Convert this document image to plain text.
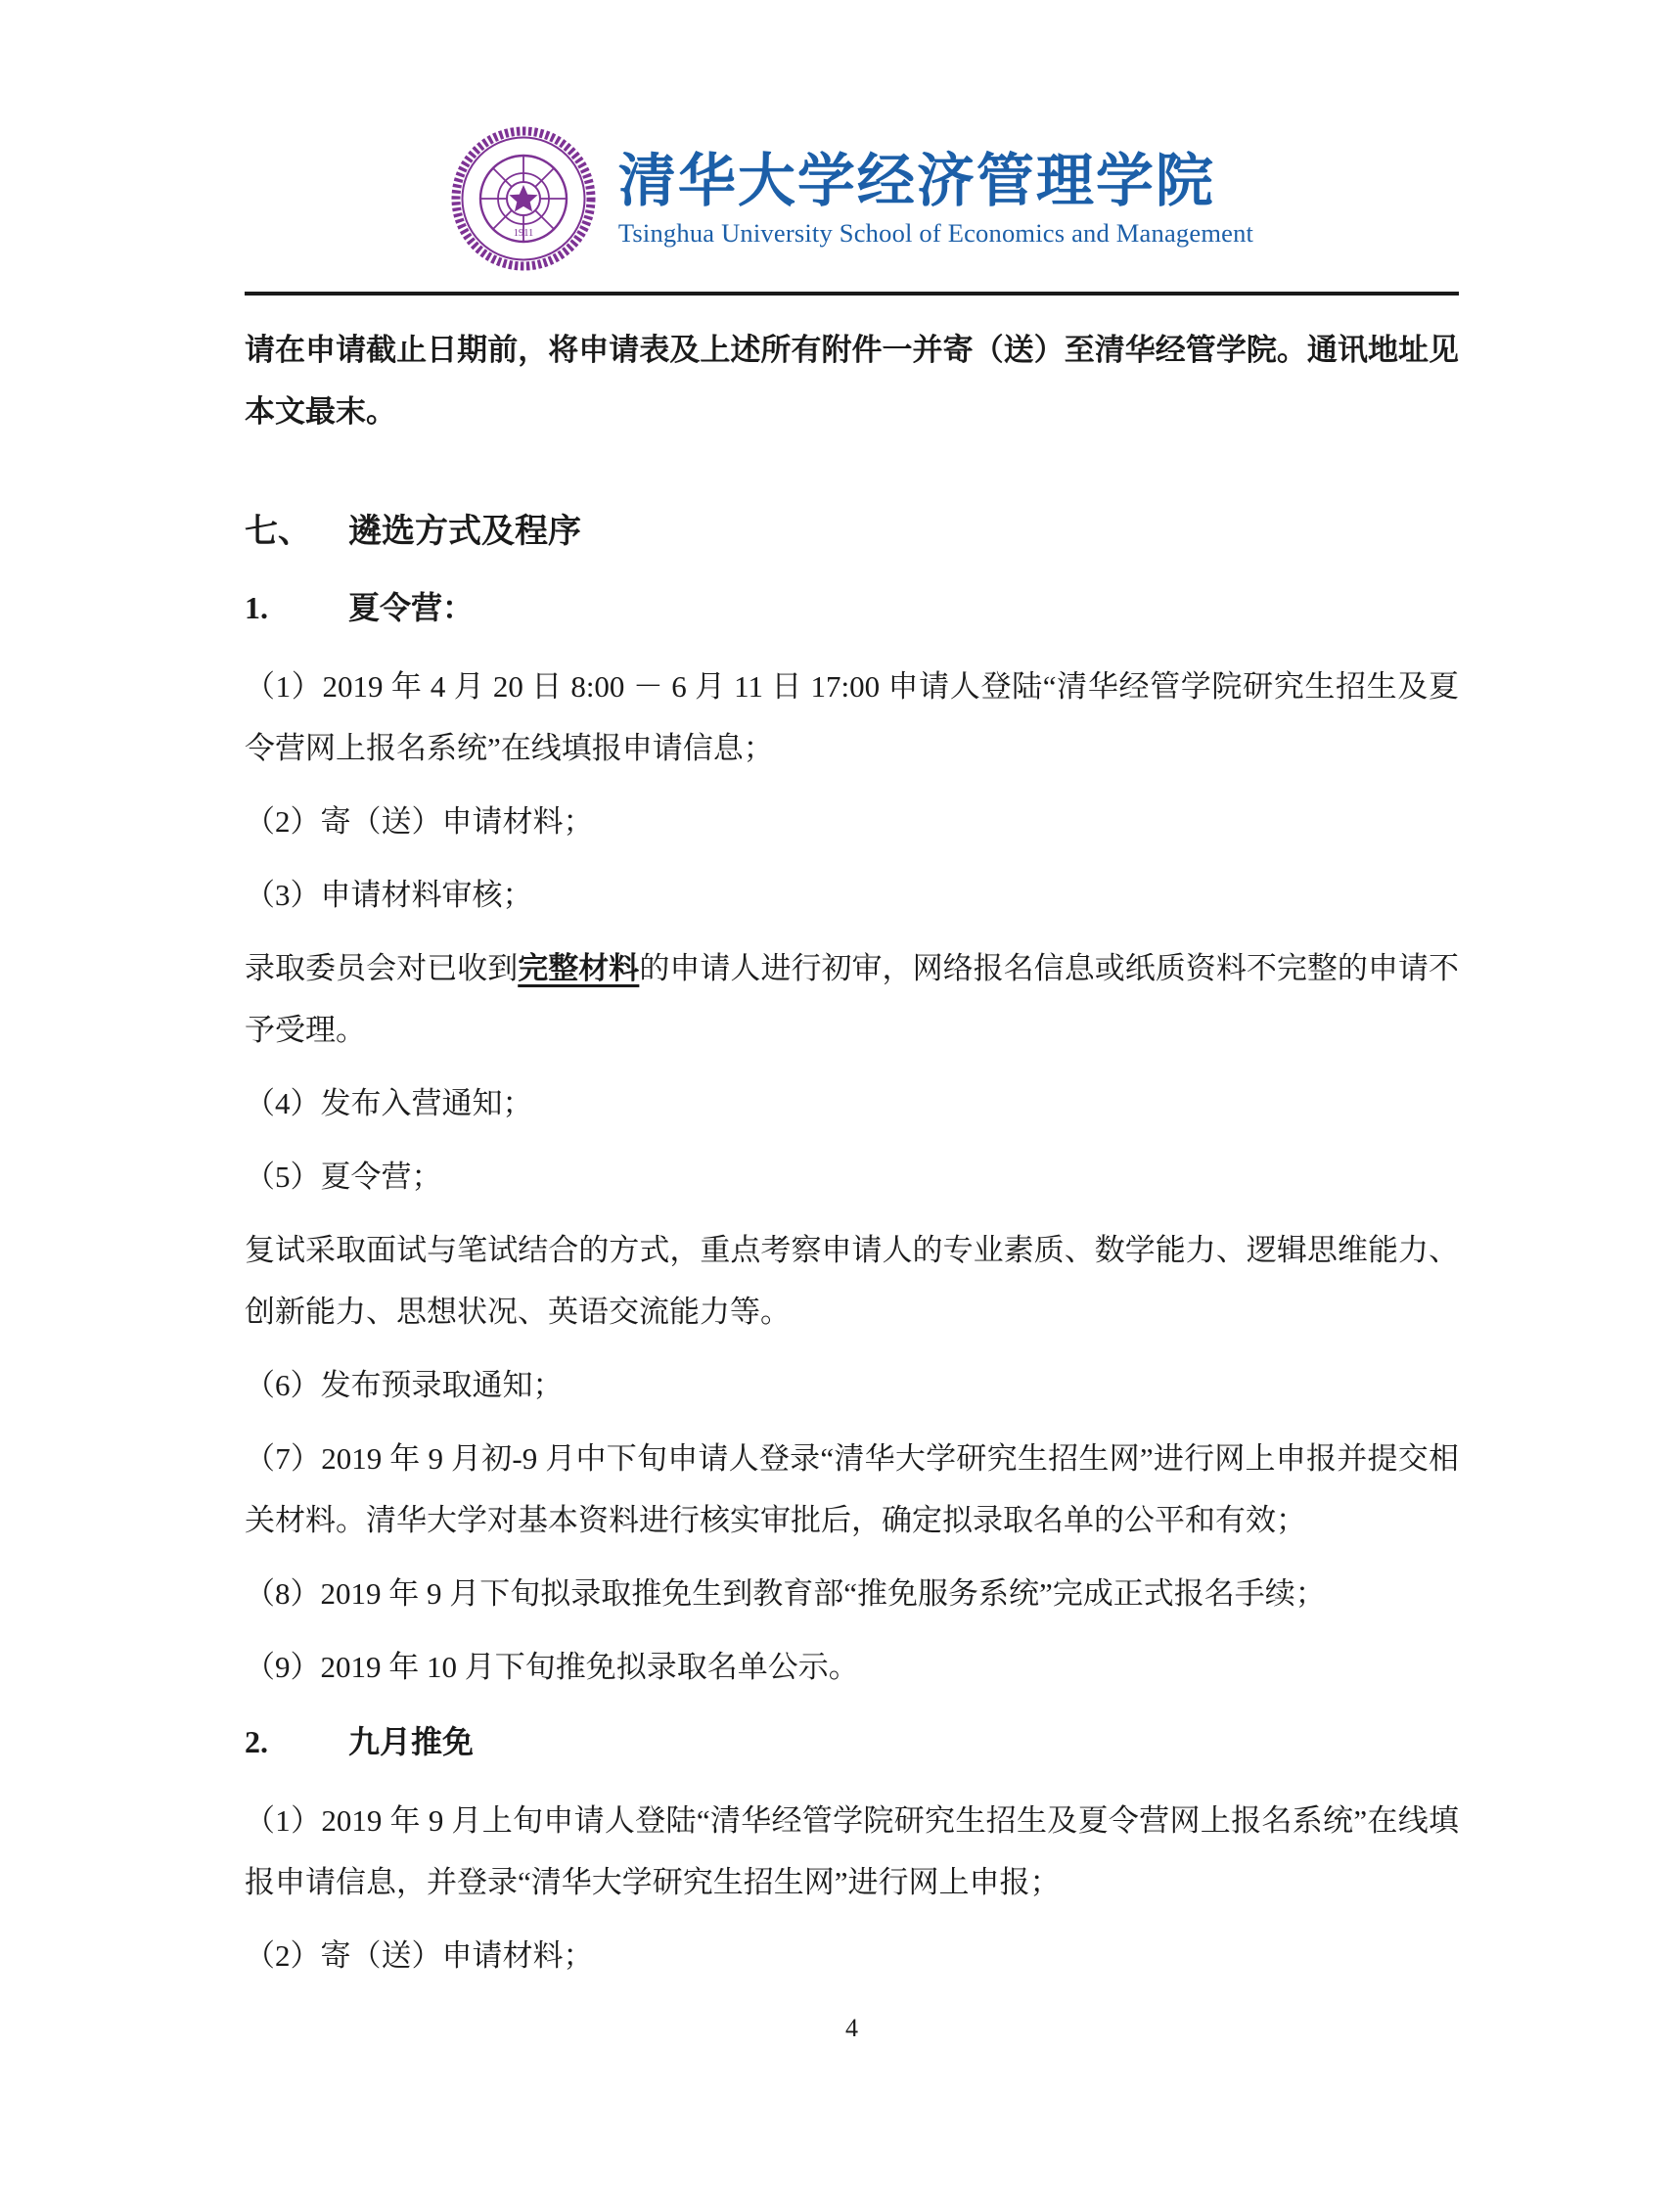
1911
清华大学经济管理学院
Tsinghua University School of Economics and Management

请在申请截止日期前，将申请表及上述所有附件一并寄（送）至清华经管学院。通讯地址见本文最末。

七、 遴选方式及程序

1.	夏令营：

（1）2019 年 4 月 20 日 8:00 － 6 月 11 日 17:00 申请人登陆“清华经管学院研究生招生及夏令营网上报名系统”在线填报申请信息；

（2）寄（送）申请材料；

（3）申请材料审核；

录取委员会对已收到完整材料的申请人进行初审，网络报名信息或纸质资料不完整的申请不予受理。

（4）发布入营通知；

（5）夏令营；

复试采取面试与笔试结合的方式，重点考察申请人的专业素质、数学能力、逻辑思维能力、创新能力、思想状况、英语交流能力等。

（6）发布预录取通知；

（7）2019 年 9 月初-9 月中下旬申请人登录“清华大学研究生招生网”进行网上申报并提交相关材料。清华大学对基本资料进行核实审批后，确定拟录取名单的公平和有效；

（8）2019 年 9 月下旬拟录取推免生到教育部“推免服务系统”完成正式报名手续；

（9）2019 年 10 月下旬推免拟录取名单公示。

2.	九月推免

（1）2019 年 9 月上旬申请人登陆“清华经管学院研究生招生及夏令营网上报名系统”在线填报申请信息，并登录“清华大学研究生招生网”进行网上申报；

（2）寄（送）申请材料；

4
